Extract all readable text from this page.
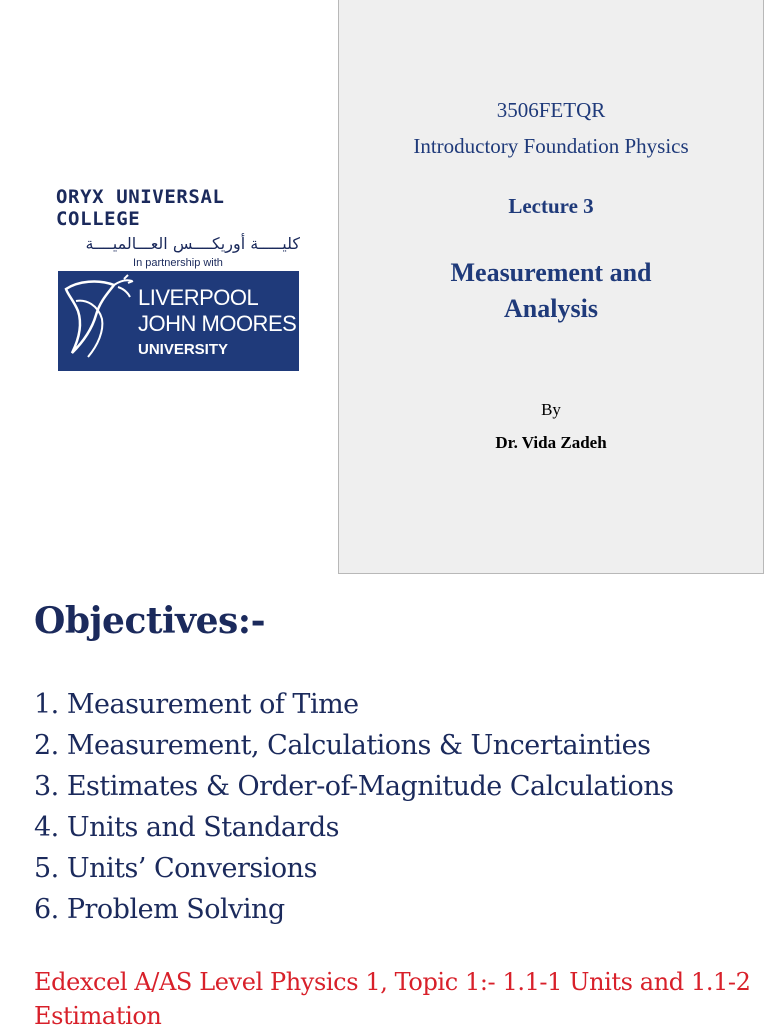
ORYX UNIVERSAL COLLEGE
كليـــــة أوريكــــس العـــالميــــة
In partnership with
LIVERPOOL
JOHN MOORES
UNIVERSITY
3506FETQR
Introductory Foundation Physics
Lecture 3
Measurement and
Analysis
By
Dr. Vida Zadeh
Objectives:-
1. Measurement of Time
2. Measurement, Calculations & Uncertainties
3. Estimates & Order-of-Magnitude Calculations
4. Units and Standards
5. Units’ Conversions
6. Problem Solving
Edexcel A/AS Level Physics 1, Topic 1:- 1.1-1 Units and 1.1-2 Estimation
